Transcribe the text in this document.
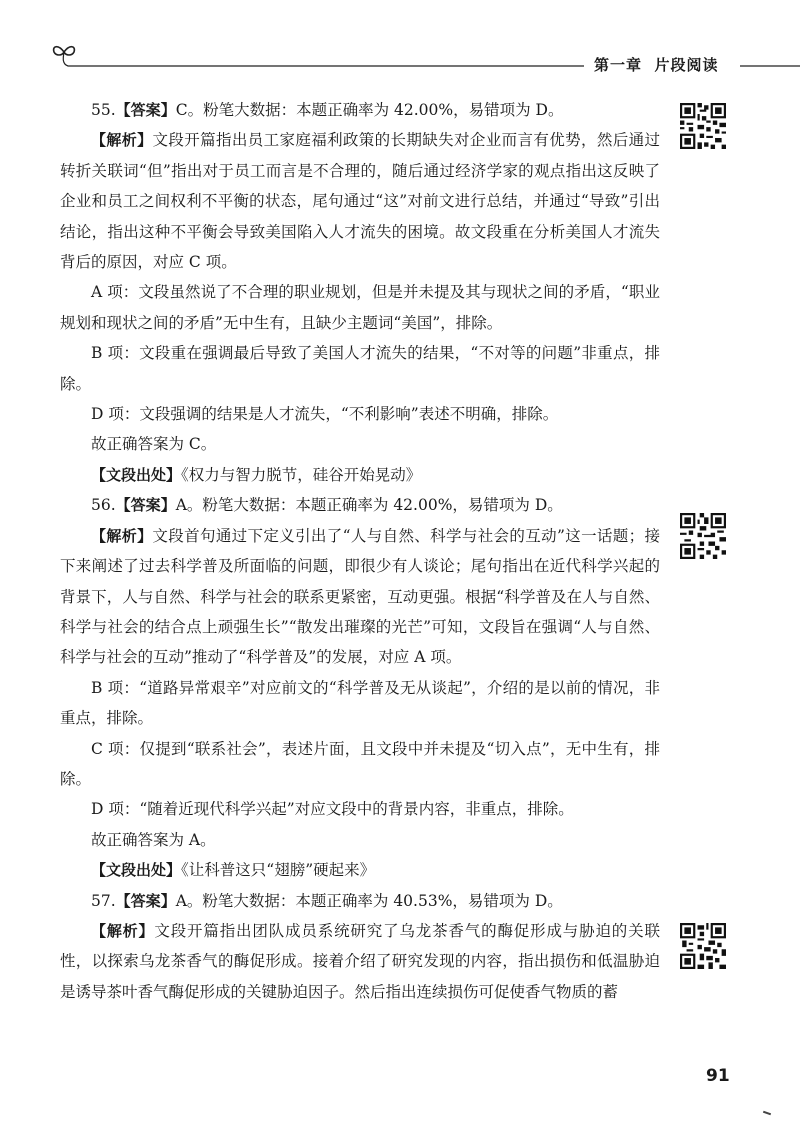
第一章 片段阅读

55.【答案】C。粉笔大数据：本题正确率为 42.00%，易错项为 D。

【解析】文段开篇指出员工家庭福利政策的长期缺失对企业而言有优势，然后通过转折关联词“但”指出对于员工而言是不合理的，随后通过经济学家的观点指出这反映了企业和员工之间权利不平衡的状态，尾句通过“这”对前文进行总结，并通过“导致”引出结论，指出这种不平衡会导致美国陷入人才流失的困境。故文段重在分析美国人才流失背后的原因，对应 C 项。

A 项：文段虽然说了不合理的职业规划，但是并未提及其与现状之间的矛盾，“职业规划和现状之间的矛盾”无中生有，且缺少主题词“美国”，排除。

B 项：文段重在强调最后导致了美国人才流失的结果，“不对等的问题”非重点，排除。

D 项：文段强调的结果是人才流失，“不利影响”表述不明确，排除。

故正确答案为 C。

【文段出处】《权力与智力脱节，硅谷开始晃动》

56.【答案】A。粉笔大数据：本题正确率为 42.00%，易错项为 D。

【解析】文段首句通过下定义引出了“人与自然、科学与社会的互动”这一话题；接下来阐述了过去科学普及所面临的问题，即很少有人谈论；尾句指出在近代科学兴起的背景下，人与自然、科学与社会的联系更紧密，互动更强。根据“科学普及在人与自然、科学与社会的结合点上顽强生长”“散发出璀璨的光芒”可知，文段旨在强调“人与自然、科学与社会的互动”推动了“科学普及”的发展，对应 A 项。

B 项：“道路异常艰辛”对应前文的“科学普及无从谈起”，介绍的是以前的情况，非重点，排除。

C 项：仅提到“联系社会”，表述片面，且文段中并未提及“切入点”，无中生有，排除。

D 项：“随着近现代科学兴起”对应文段中的背景内容，非重点，排除。

故正确答案为 A。

【文段出处】《让科普这只“翅膀”硬起来》

57.【答案】A。粉笔大数据：本题正确率为 40.53%，易错项为 D。

【解析】文段开篇指出团队成员系统研究了乌龙茶香气的酶促形成与胁迫的关联性，以探索乌龙茶香气的酶促形成。接着介绍了研究发现的内容，指出损伤和低温胁迫是诱导茶叶香气酶促形成的关键胁迫因子。然后指出连续损伤可促使香气物质的蓄

91
